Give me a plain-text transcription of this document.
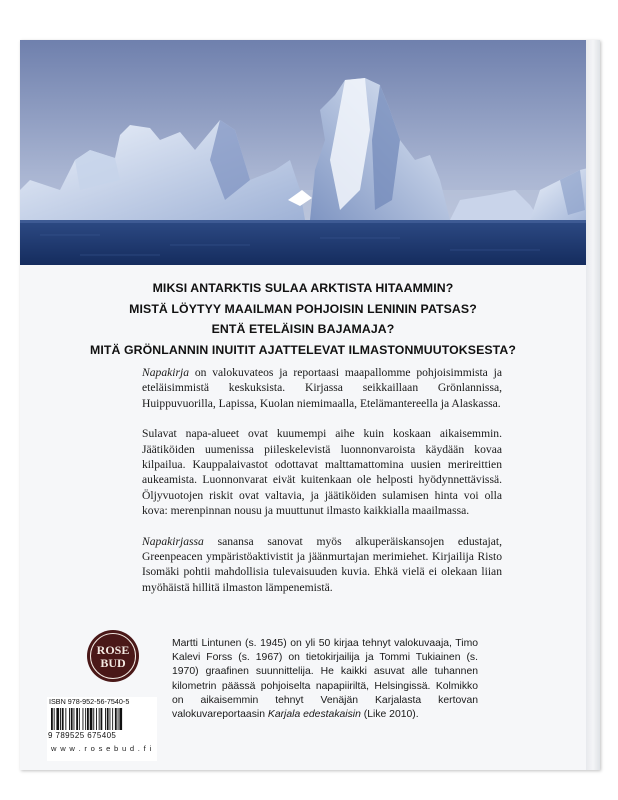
MIKSI ANTARKTIS SULAA ARKTISTA HITAAMMIN?
MISTÄ LÖYTYY MAAILMAN POHJOISIN LENININ PATSAS?
ENTÄ ETELÄISIN BAJAMAJA?
MITÄ GRÖNLANNIN INUITIT AJATTELEVAT ILMASTONMUUTOKSESTA?

Napakirja on valokuvateos ja reportaasi maapallomme pohjoisimmista ja eteläisimmistä keskuksista. Kirjassa seikkaillaan Grönlannissa, Huippuvuorilla, Lapissa, Kuolan niemimaalla, Etelämantereella ja Alaskassa.

Sulavat napa-alueet ovat kuumempi aihe kuin koskaan aikaisemmin. Jäätiköiden uumenissa piileskelevistä luonnonvaroista käydään kovaa kilpailua. Kauppalaivastot odottavat malttamattomina uusien merireittien aukeamista. Luonnonvarat eivät kuitenkaan ole helposti hyödynnettävissä. Öljyvuotojen riskit ovat valtavia, ja jäätiköiden sulamisen hinta voi olla kova: merenpinnan nousu ja muuttunut ilmasto kaikkialla maailmassa.

Napakirjassa sanansa sanovat myös alkuperäiskansojen edustajat, Greenpeacen ympäristöaktivistit ja jäänmurtajan merimiehet. Kirjailija Risto Isomäki pohtii mahdollisia tulevaisuuden kuvia. Ehkä vielä ei olekaan liian myöhäistä hillitä ilmaston lämpenemistä.

ROSE
BUD
Martti Lintunen (s. 1945) on yli 50 kirjaa tehnyt valokuvaaja, Timo Kalevi Forss (s. 1967) on tietokirjailija ja Tommi Tukiainen (s. 1970) graafinen suunnittelija. He kaikki asuvat alle tuhannen kilometrin päässä pohjoiselta napapiiriltä, Helsingissä. Kolmikko on aikaisemmin tehnyt Venäjän Karjalasta kertovan valokuvareportaasin Karjala edestakaisin (Like 2010).
ISBN 978-952-56-7540-5
9 789525 675405
w w w . r o s e b u d . f i
